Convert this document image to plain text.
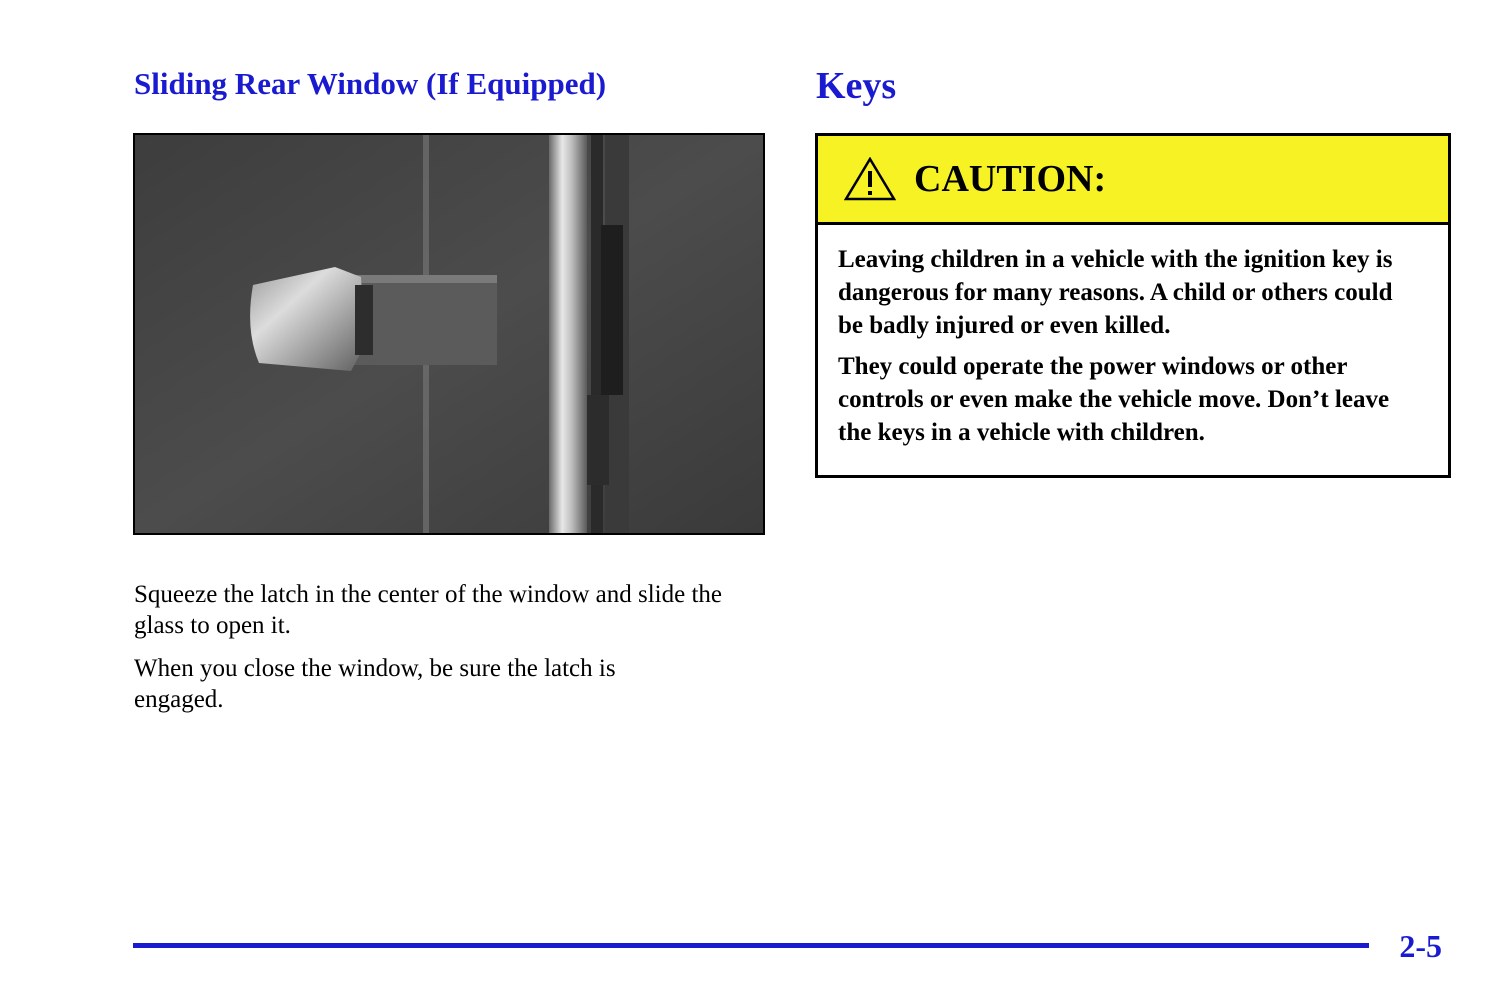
Sliding Rear Window (If Equipped)

Squeeze the latch in the center of the window and slide the glass to open it.

When you close the window, be sure the latch is engaged.

Keys
CAUTION:

Leaving children in a vehicle with the ignition key is dangerous for many reasons. A child or others could be badly injured or even killed.

They could operate the power windows or other controls or even make the vehicle move. Don’t leave the keys in a vehicle with children.

2-5
